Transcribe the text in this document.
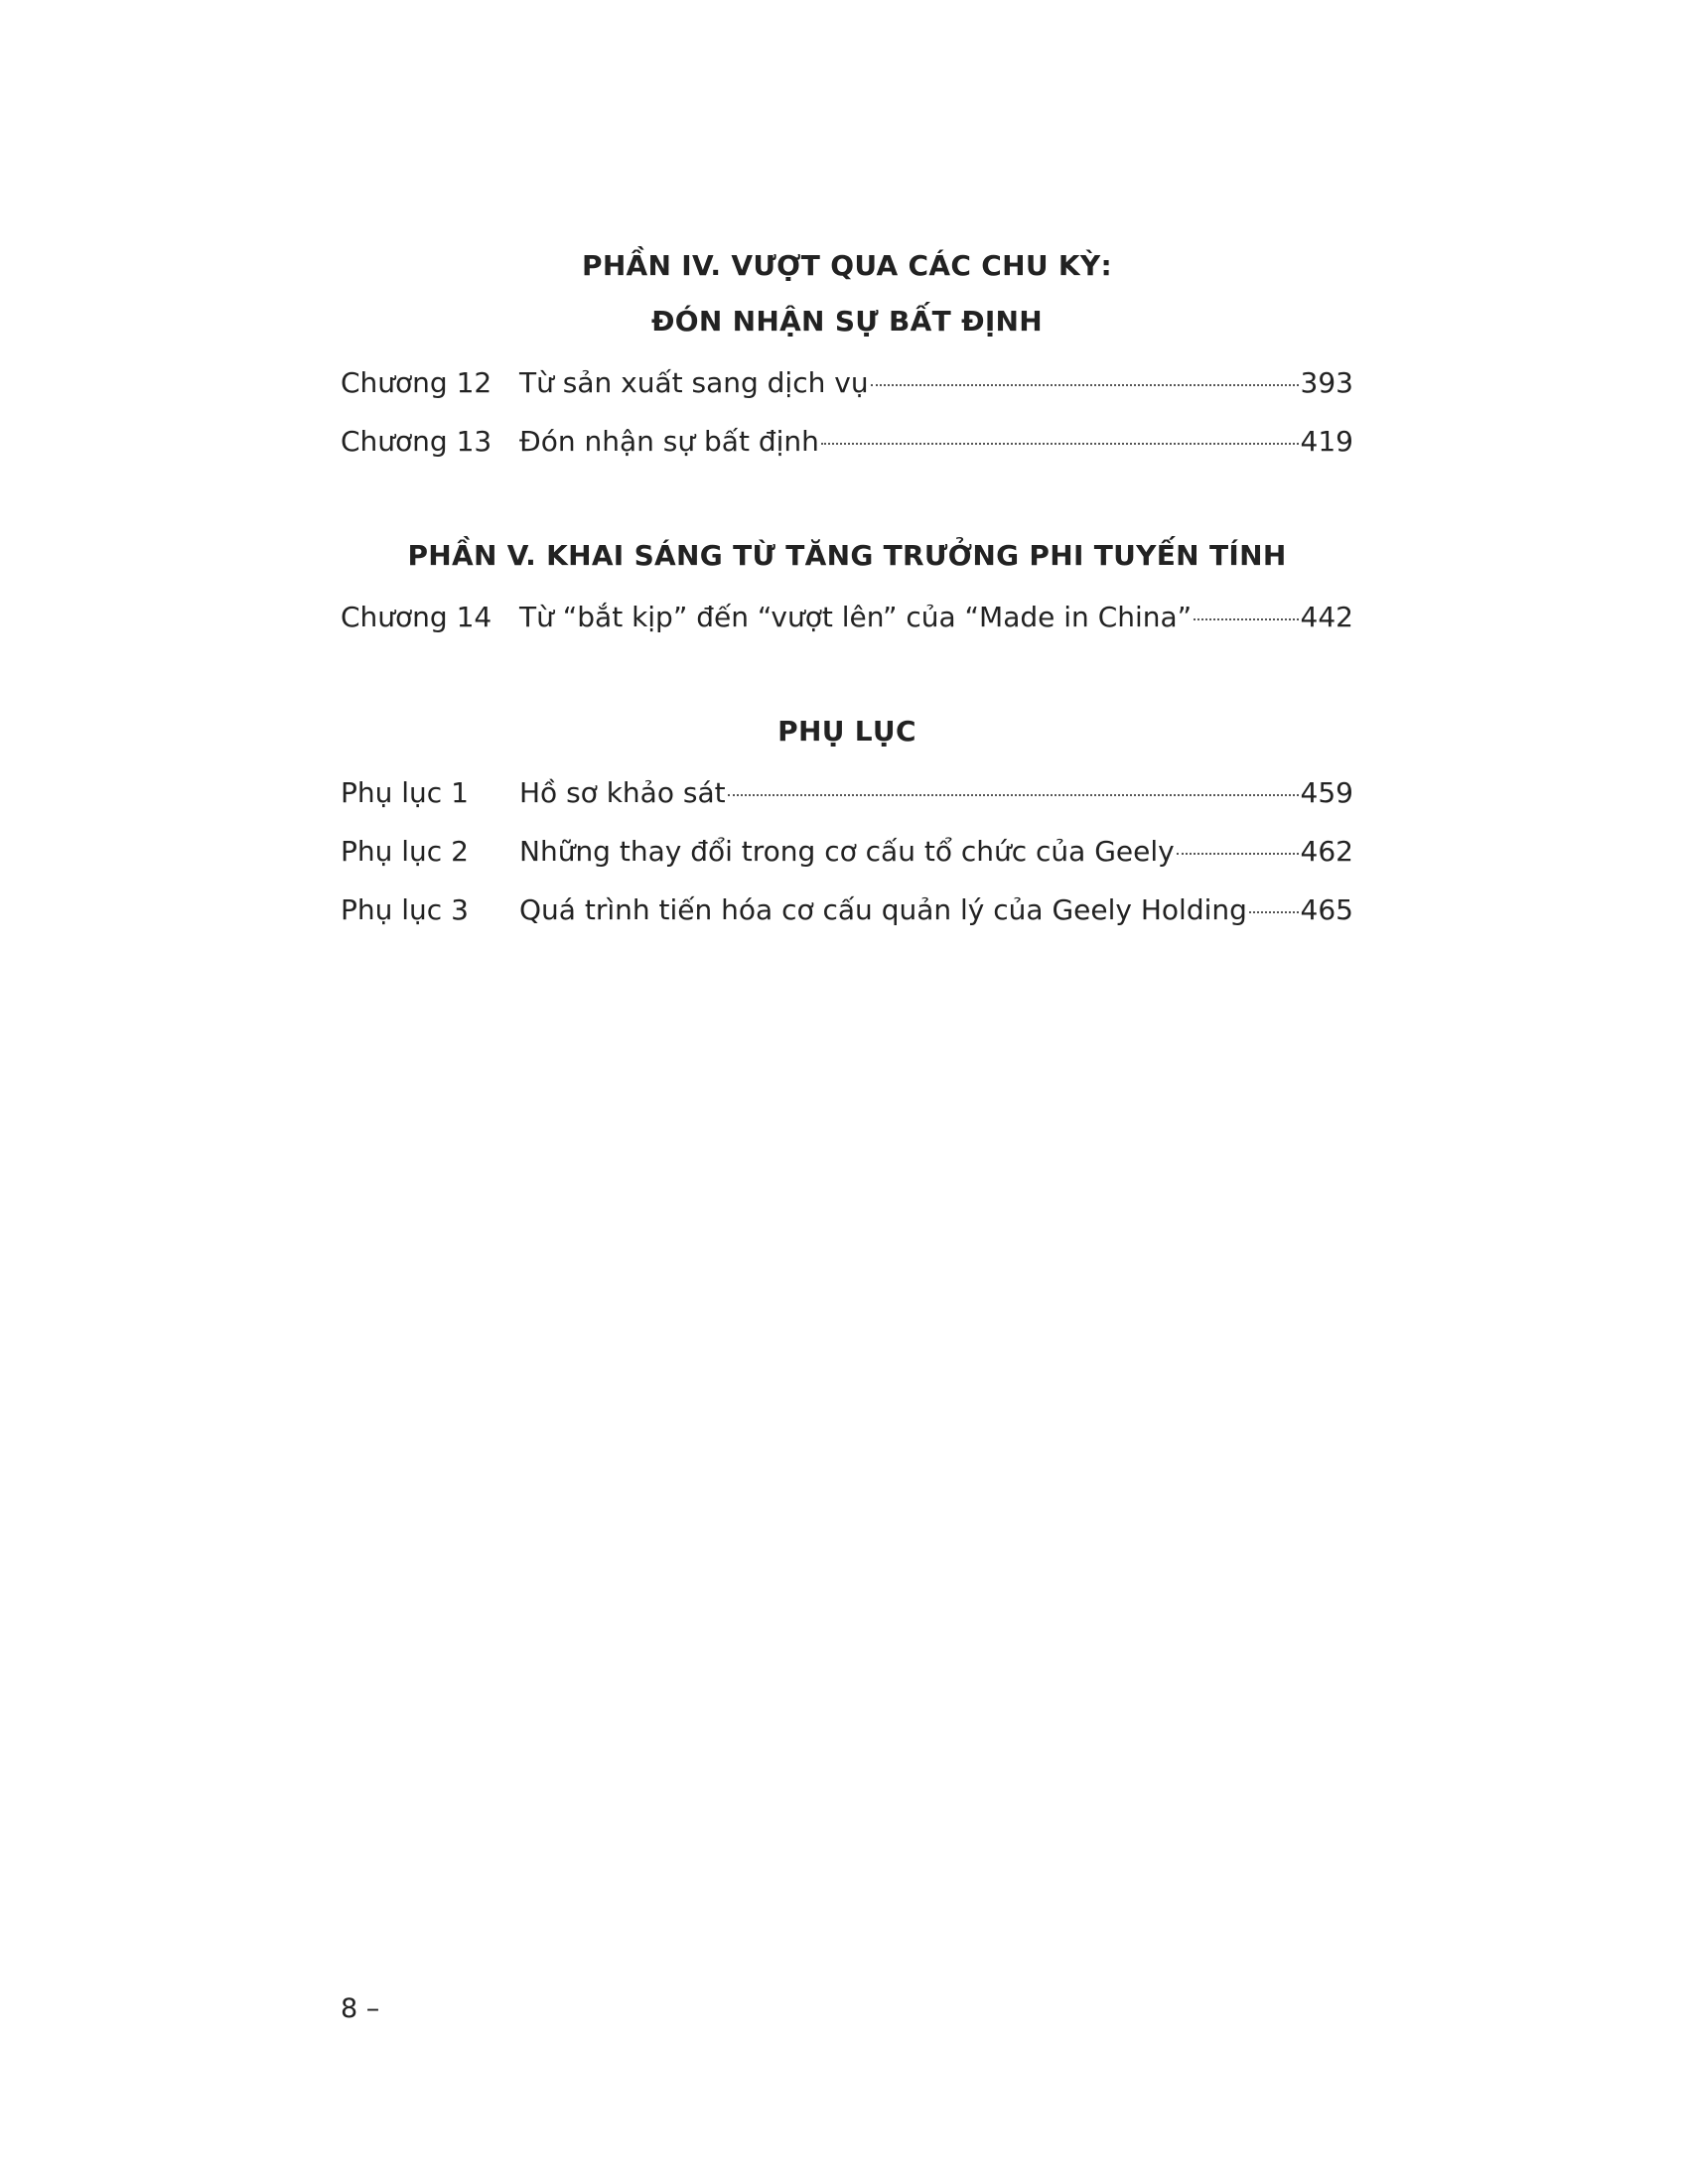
PHẦN IV. VƯỢT QUA CÁC CHU KỲ:

ĐÓN NHẬN SỰ BẤT ĐỊNH

Chương 12 Từ sản xuất sang dịch vụ	393
Chương 13 Đón nhận sự bất định	419

PHẦN V. KHAI SÁNG TỪ TĂNG TRƯỞNG PHI TUYẾN TÍNH

Chương 14 Từ “bắt kịp” đến “vượt lên” của “Made in China”	442

PHỤ LỤC

Phụ lục 1	Hồ sơ khảo sát	459
Phụ lục 2	Những thay đổi trong cơ cấu tổ chức của Geely	462
Phụ lục 3	Quá trình tiến hóa cơ cấu quản lý của Geely Holding 465
8 –
